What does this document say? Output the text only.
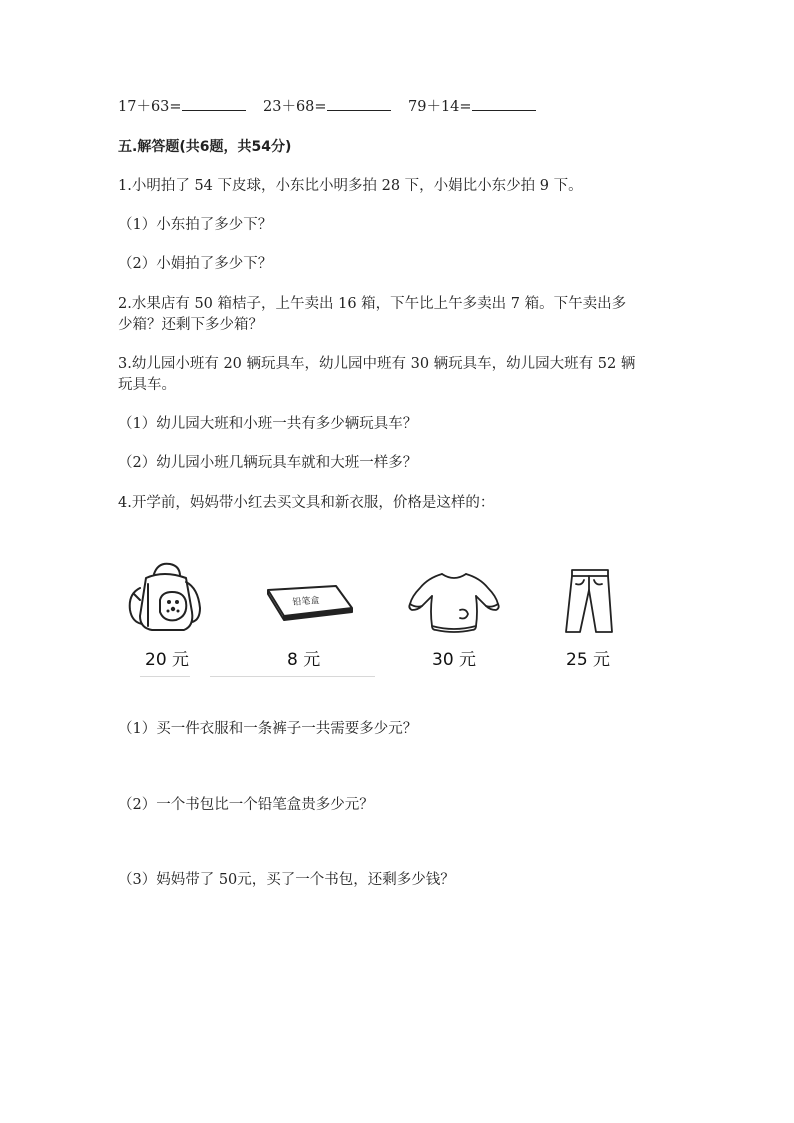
17＋63=	23＋68=	79＋14=
五.解答题(共6题，共54分)
1.小明拍了 54 下皮球，小东比小明多拍 28 下，小娟比小东少拍 9 下。
（1）小东拍了多少下？
（2）小娟拍了多少下？
2.水果店有 50 箱桔子，上午卖出 16 箱，下午比上午多卖出 7 箱。下午卖出多
少箱？还剩下多少箱？
3.幼儿园小班有 20 辆玩具车，幼儿园中班有 30 辆玩具车，幼儿园大班有 52 辆
玩具车。
（1）幼儿园大班和小班一共有多少辆玩具车？
（2）幼儿园小班几辆玩具车就和大班一样多？
4.开学前，妈妈带小红去买文具和新衣服，价格是这样的：
铅笔盒
20 元	8 元	30 元	25 元
（1）买一件衣服和一条裤子一共需要多少元？
（2）一个书包比一个铅笔盒贵多少元？
（3）妈妈带了 50元，买了一个书包，还剩多少钱？
